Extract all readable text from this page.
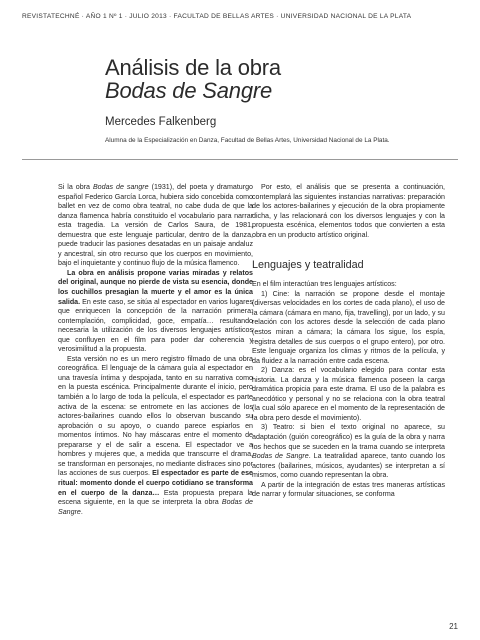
REVISTATECHNÉ · AÑO 1 Nº 1 · JULIO 2013 · FACULTAD DE BELLAS ARTES · UNIVERSIDAD NACIONAL DE LA PLATA
Análisis de la obra
Bodas de Sangre
Mercedes Falkenberg
Alumna de la Especialización en Danza, Facultad de Bellas Artes, Universidad Nacional de La Plata.

Si la obra Bodas de sangre (1931), del poeta y dramaturgo español Federico García Lorca, hubiera sido concebida como ballet en vez de como obra teatral, no cabe duda de que la danza flamenca habría constituido el vocabulario para narrar esta tragedia. La versión de Carlos Saura, de 1981, demuestra que este lenguaje particular, dentro de la danza, puede traducir las pasiones desatadas en un paisaje andaluz y ancestral, sin otro recurso que los cuerpos en movimiento, bajo el inquietante y continuo flujo de la música flamenco.

La obra en análisis propone varias miradas y relatos del original, aunque no pierde de vista su esencia, donde los cuchillos presagian la muerte y el amor es la única salida. En este caso, se sitúa al espectador en varios lugares que enriquecen la concepción de la narración primera: contemplación, complicidad, goce, empatía… resultando necesaria la utilización de los diversos lenguajes artísticos que confluyen en el film para poder dar coherencia y verosimilitud a la propuesta.

Esta versión no es un mero registro filmado de una obra coreográfica. El lenguaje de la cámara guía al espectador en una travesía íntima y despojada, tanto en su narrativa como en la puesta escénica. Principalmente durante el inicio, pero también a lo largo de toda la película, el espectador es parte activa de la escena: se entromete en las acciones de los actores-bailarines cuando ellos lo observan buscando su aprobación o su apoyo, o cuando parece espiarlos en momentos íntimos. No hay máscaras entre el momento de prepararse y el de salir a escena. El espectador ve a hombres y mujeres que, a medida que transcurre el drama, se transforman en personajes, no mediante disfraces sino por las acciones de sus cuerpos. El espectador es parte de ese ritual: momento donde el cuerpo cotidiano se transforma en el cuerpo de la danza… Esta propuesta prepara la escena siguiente, en la que se interpreta la obra Bodas de Sangre.

Por esto, el análisis que se presenta a continuación, contemplará las siguientes instancias narrativas: preparación de los actores-bailarines y ejecución de la obra propiamente dicha, y las relacionará con los diversos lenguajes y con la propuesta escénica, elementos todos que convierten a esta obra en un producto artístico original.

Lenguajes y teatralidad

En el film interactúan tres lenguajes artísticos:

1) Cine: la narración se propone desde el montaje (diversas velocidades en los cortes de cada plano), el uso de la cámara (cámara en mano, fija, travelling), por un lado, y su relación con los actores desde la selección de cada plano (estos miran a cámara; la cámara los sigue, los espía, registra detalles de sus cuerpos o el grupo entero), por otro. Este lenguaje organiza los climas y ritmos de la película, y da fluidez a la narración entre cada escena.

2) Danza: es el vocabulario elegido para contar esta historia. La danza y la música flamenca poseen la carga dramática propicia para este drama. El uso de la palabra es anecdótico y personal y no se relaciona con la obra teatral (la cual sólo aparece en el momento de la representación de la obra pero desde el movimiento).

3) Teatro: si bien el texto original no aparece, su adaptación (guión coreográfico) es la guía de la obra y narra los hechos que se suceden en la trama cuando se interpreta Bodas de Sangre. La teatralidad aparece, tanto cuando los actores (bailarines, músicos, ayudantes) se interpretan a sí mismos, como cuando representan la obra.

A partir de la integración de estas tres maneras artísticas de narrar y formular situaciones, se conforma

21
